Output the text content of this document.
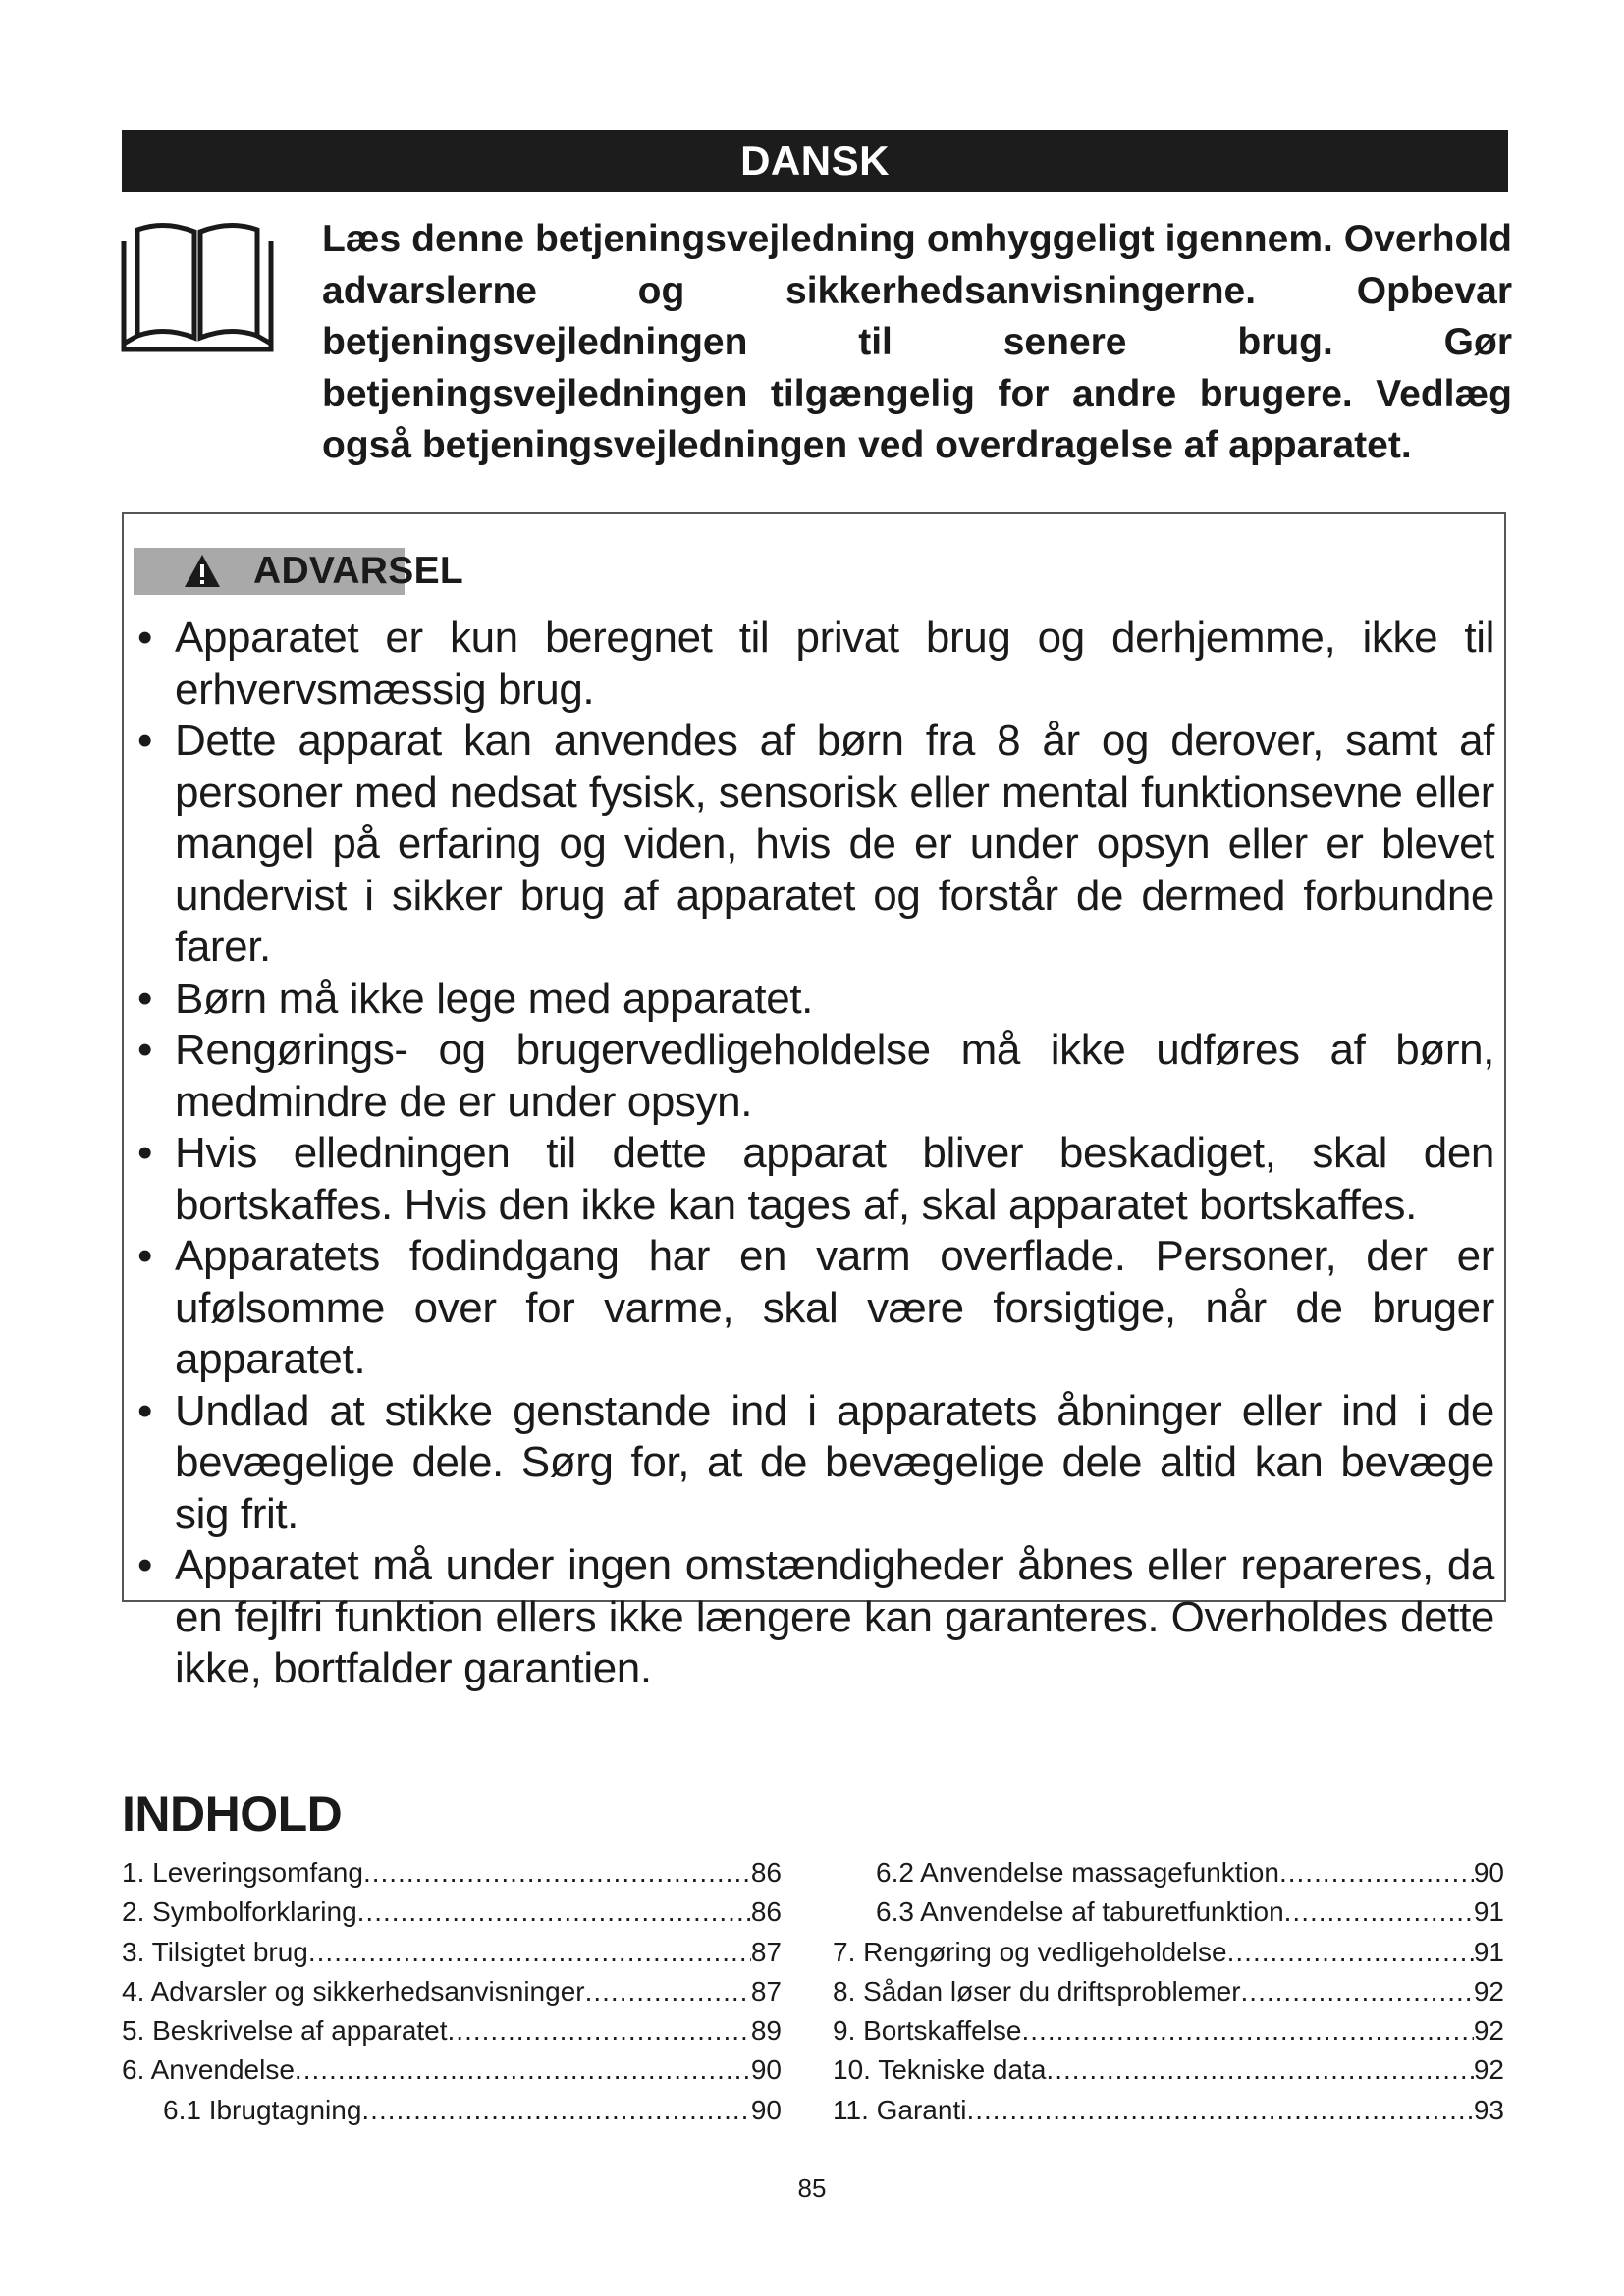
DANSK

Læs denne betjeningsvejledning omhyggeligt igennem. Overhold advarslerne og sikkerhedsanvisningerne. Opbevar betjeningsvejledningen til senere brug. Gør betjeningsvejledningen tilgængelig for andre brugere. Vedlæg også betjeningsvejledningen ved overdragelse af apparatet.

ADVARSEL
• Apparatet er kun beregnet til privat brug og derhjemme, ikke til erhvervsmæssig brug.
• Dette apparat kan anvendes af børn fra 8 år og derover, samt af personer med nedsat fysisk, sensorisk eller mental funktionsevne eller mangel på erfaring og viden, hvis de er under opsyn eller er blevet undervist i sikker brug af apparatet og forstår de dermed forbundne farer.
• Børn må ikke lege med apparatet.
• Rengørings- og brugervedligeholdelse må ikke udføres af børn, medmindre de er under opsyn.
• Hvis elledningen til dette apparat bliver beskadiget, skal den bortskaffes. Hvis den ikke kan tages af, skal apparatet bortskaffes.
• Apparatets fodindgang har en varm overflade. Personer, der er ufølsomme over for varme, skal være forsigtige, når de bruger apparatet.
• Undlad at stikke genstande ind i apparatets åbninger eller ind i de bevægelige dele. Sørg for, at de bevægelige dele altid kan bevæge sig frit.
• Apparatet må under ingen omstændigheder åbnes eller repareres, da en fejlfri funktion ellers ikke længere kan garanteres. Overholdes dette ikke, bortfalder garantien.
INDHOLD
1. Leveringsomfang .....	86
2. Symbolforklaring .....	86
3. Tilsigtet brug .....	87
4. Advarsler og sikkerhedsanvisninger .....	87
5. Beskrivelse af apparatet .....	89
6. Anvendelse .....	90
6.1 Ibrugtagning .....	90
6.2 Anvendelse massagefunktion .....	90
6.3 Anvendelse af taburetfunktion .....	91
7. Rengøring og vedligeholdelse .....	91
8. Sådan løser du driftsproblemer .....	92
9. Bortskaffelse .....	92
10. Tekniske data .....	92
11. Garanti .....	93
85
